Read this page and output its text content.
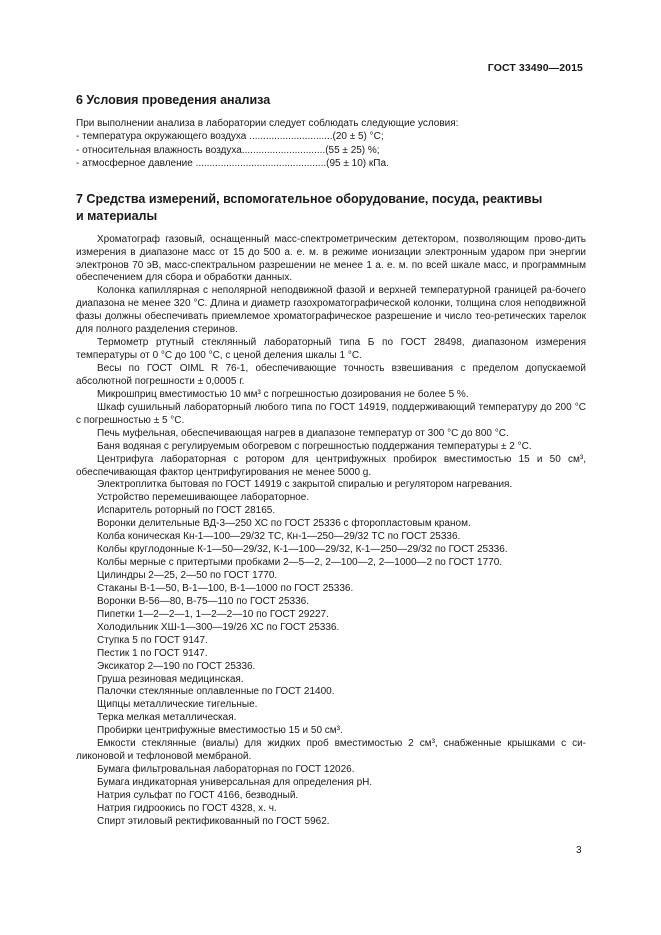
ГОСТ 33490—2015
6 Условия проведения анализа
При выполнении анализа в лаборатории следует соблюдать следующие условия:
- температура окружающего воздуха ..............................(20 ± 5) °С;
- относительная влажность воздуха..............................(55 ± 25) %;
- атмосферное давление ...............................................(95 ± 10) кПа.
7 Средства измерений, вспомогательное оборудование, посуда, реактивы
и материалы

Хроматограф газовый, оснащенный масс-спектрометрическим детектором, позволяющим прово-дить измерения в диапазоне масс от 15 до 500 а. е. м. в режиме ионизации электронным ударом при энергии электронов 70 эВ, масс-спектральном разрешении не менее 1 а. е. м. по всей шкале масс, и программным обеспечением для сбора и обработки данных.

Колонка капиллярная с неполярной неподвижной фазой и верхней температурной границей ра-бочего диапазона не менее 320 °С. Длина и диаметр газохроматографической колонки, толщина слоя неподвижной фазы должны обеспечивать приемлемое хроматографическое разрешение и число тео-ретических тарелок для полного разделения стеринов.

Термометр ртутный стеклянный лабораторный типа Б по ГОСТ 28498, диапазоном измерения температуры от 0 °С до 100 °С, с ценой деления шкалы 1 °С.

Весы по ГОСТ OIML R 76-1, обеспечивающие точность взвешивания с пределом допускаемой абсолютной погрешности ± 0,0005 г.

Микрошприц вместимостью 10 мм³ с погрешностью дозирования не более 5 %.

Шкаф сушильный лабораторный любого типа по ГОСТ 14919, поддерживающий температуру до 200 °С с погрешностью ± 5 °С.

Печь муфельная, обеспечивающая нагрев в диапазоне температур от 300 °С до 800 °С.

Баня водяная с регулируемым обогревом с погрешностью поддержания температуры ± 2 °С.

Центрифуга лабораторная с ротором для центрифужных пробирок вместимостью 15 и 50 см³, обеспечивающая фактор центрифугирования не менее 5000 g.

Электроплитка бытовая по ГОСТ 14919 с закрытой спиралью и регулятором нагревания.

Устройство перемешивающее лабораторное.

Испаритель роторный по ГОСТ 28165.

Воронки делительные ВД-3—250 ХС по ГОСТ 25336 с фторопластовым краном.

Колба коническая Кн-1—100—29/32 ТС, Кн-1—250—29/32 ТС по ГОСТ 25336.

Колбы круглодонные К-1—50—29/32, К-1—100—29/32, К-1—250—29/32 по ГОСТ 25336.

Колбы мерные с притертыми пробками 2—5—2, 2—100—2, 2—1000—2 по ГОСТ 1770.

Цилиндры 2—25, 2—50 по ГОСТ 1770.

Стаканы В-1—50, В-1—100, В-1—1000 по ГОСТ 25336.

Воронки В-56—80, В-75—110 по ГОСТ 25336.

Пипетки 1—2—2—1, 1—2—2—10 по ГОСТ 29227.

Холодильник ХШ-1—300—19/26 ХС по ГОСТ 25336.

Ступка 5 по ГОСТ 9147.

Пестик 1 по ГОСТ 9147.

Эксикатор 2—190 по ГОСТ 25336.

Груша резиновая медицинская.

Палочки стеклянные оплавленные по ГОСТ 21400.

Щипцы металлические тигельные.

Терка мелкая металлическая.

Пробирки центрифужные вместимостью 15 и 50 см³.

Емкости стеклянные (виалы) для жидких проб вместимостью 2 см³, снабженные крышками с си-ликоновой и тефлоновой мембраной.

Бумага фильтровальная лабораторная по ГОСТ 12026.

Бумага индикаторная универсальная для определения рН.

Натрия сульфат по ГОСТ 4166, безводный.

Натрия гидроокись по ГОСТ 4328, х. ч.

Спирт этиловый ректификованный по ГОСТ 5962.

3
